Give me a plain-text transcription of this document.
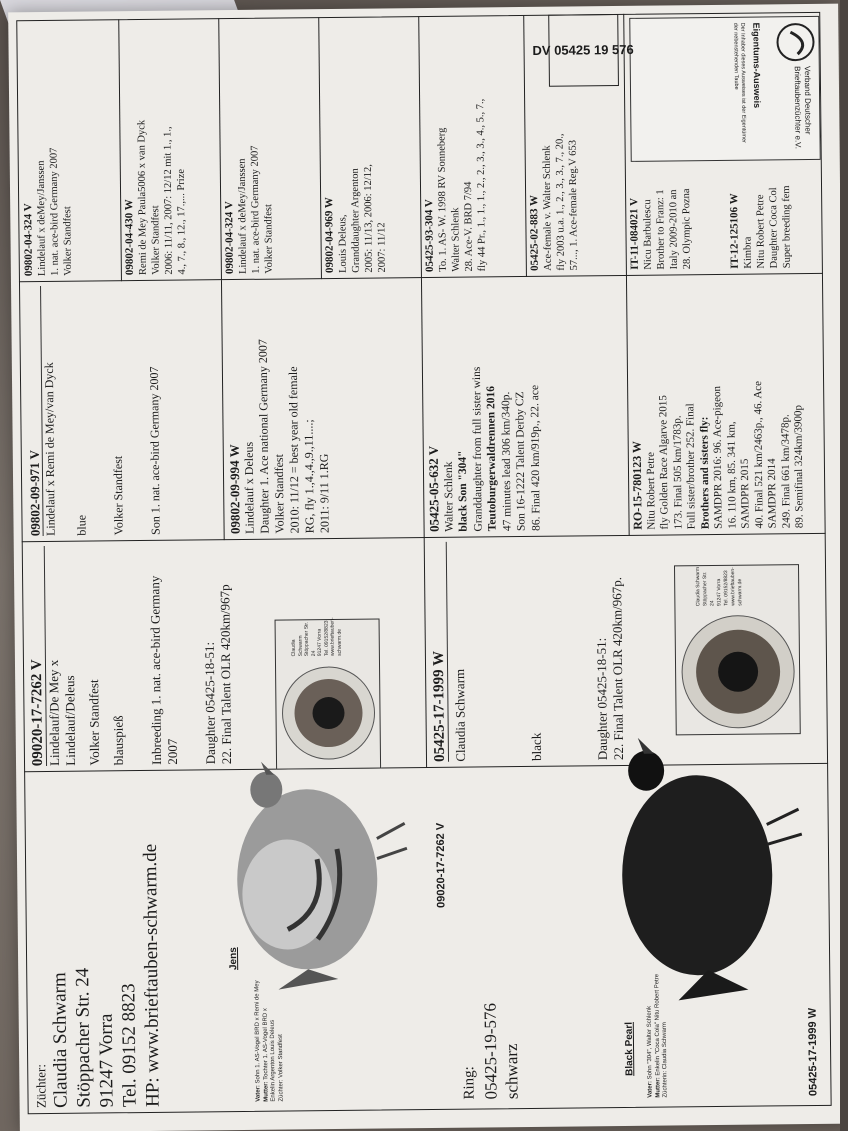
Züchter: Claudia Schwarm Stöppacher Str. 24 91247 Vorra Tel. 09152 8823 HP: www.brieftauben-schwarm.de	Jens
Vater: Sohn 1. AS-Vogel BRD x Remi de Mey
Mutter: Tochter 1. AS-Vogel BRD x Enkelin Argenton Louis Deleus Züchter: Volker Standfest
09020-17-7262 V
Claudia Schwarm Stöppacher Str. 24 91247 Vorra Tel. 09152/8823 www.brieftauben-schwarm.de
Ring: 05425-19-576 schwarz	Black Pearl
Vater: Sohn "304", Walter Schlenk
Mutter: Enkelin "Coca Cola" Nitu Robert Petre Züchterin: Claudia Schwarm	05425-17-1999 W
Claudia Schwarm Stöppacher Str. 24 91247 Vorra Tel. 09152/8823 www.brieftauben-schwarm.de

09020-17-7262 V Lindelauf/De Mey x Lindelauf/Deleus Volker Standfest blauspieß Inbreeding 1. nat. ace-bird Germany 2007 Daughter 05425-18-51: 22. Final Talent OLR 420km/967p	05425-17-1999 W Claudia Schwarm	black	Daughter 05425-18-51: 22. Final Talent OLR 420km/967p.

09802-09-971 V Lindelauf x Remi de Mey/van Dyck blue Volker Standfest Son 1. nat. ace-bird Germany 2007	09802-09-994 W Lindelauf x Deleus

Daughter 1. Ace national Germany 2007 Volker Standfest 2010: 11/12 = best year old female RG, fly 1.,4.,4.,9.,11....; 2011: 9/11 1.RG	05425-05-632 V Walter Schlenk black Son "304" Granddaughter from full sister wins Teutoburgerwaldrennen 2016 47 minutes lead 306 km/340p. Son 16-1222 Talent Derby CZ 86. Final 420 km/919p., 22. ace	RO-15-780123 W Nitu Robert Petre fly Golden Race Algarve 2015 173. Final 505 km/1783p. Full sister/brother 252. Final Brothers and sisters fly: SAMDPR 2016: 96. Ace-pigeon 16. 110 km, 85. 341 km, SAMDPR 2015 40. Final 521 km/2463p., 46. Ace SAMDPR 2014 249. Final 661 km/3478p. 89. Semifinal 324km/3900p

09802-04-324 V Lindelauf x deMey/Janssen 1. nat. ace-bird Germany 2007 Volker Standfest	09802-04-430 W Remi de Mey Paula5006 x van Dyck Volker Standfest 2006: 11/11, 2007: 12/12 mit 1., 1., 4., 7., 8., 12., 17.,... Prize	09802-04-324 V Lindelauf x deMey/Janssen 1. nat. ace-bird Germany 2007 Volker Standfest	09802-04-969 W Louis Deleus, Granddaughter Argenton 2005: 11/13, 2006: 12/12, 2007: 11/12	05425-93-304 V To. 1. AS- W. 1998 RV Sonneberg Walter Schlenk 28. Ace-V. BRD 7/94 fly 44 Pr., 1., 1., 1., 2., 2., 3., 3., 4., 5., 7.,	05425-02-883 W Ace-female v. Walter Schlenk fly 2003 u.a. 1., 2., 3., 3., 7., 20., 57..., 1. Ace-female Reg.V 653	IT-11-084021 V Nicu Barbulescu Brother to Franz: 1 Italy 2009-2010 an 28. Olympic Pozna	IT-12-125106 W Kimbra Nitu Robert Petre Daughter Coca Col Super breeding fem

Verband Deutscher
Brieftaubenzüchter e.V.
Eigentums-Ausweis
Der Inhaber dieses Ausweises ist der Eigentümer
der nebenstehenden Taube
DV 05425 19 576
